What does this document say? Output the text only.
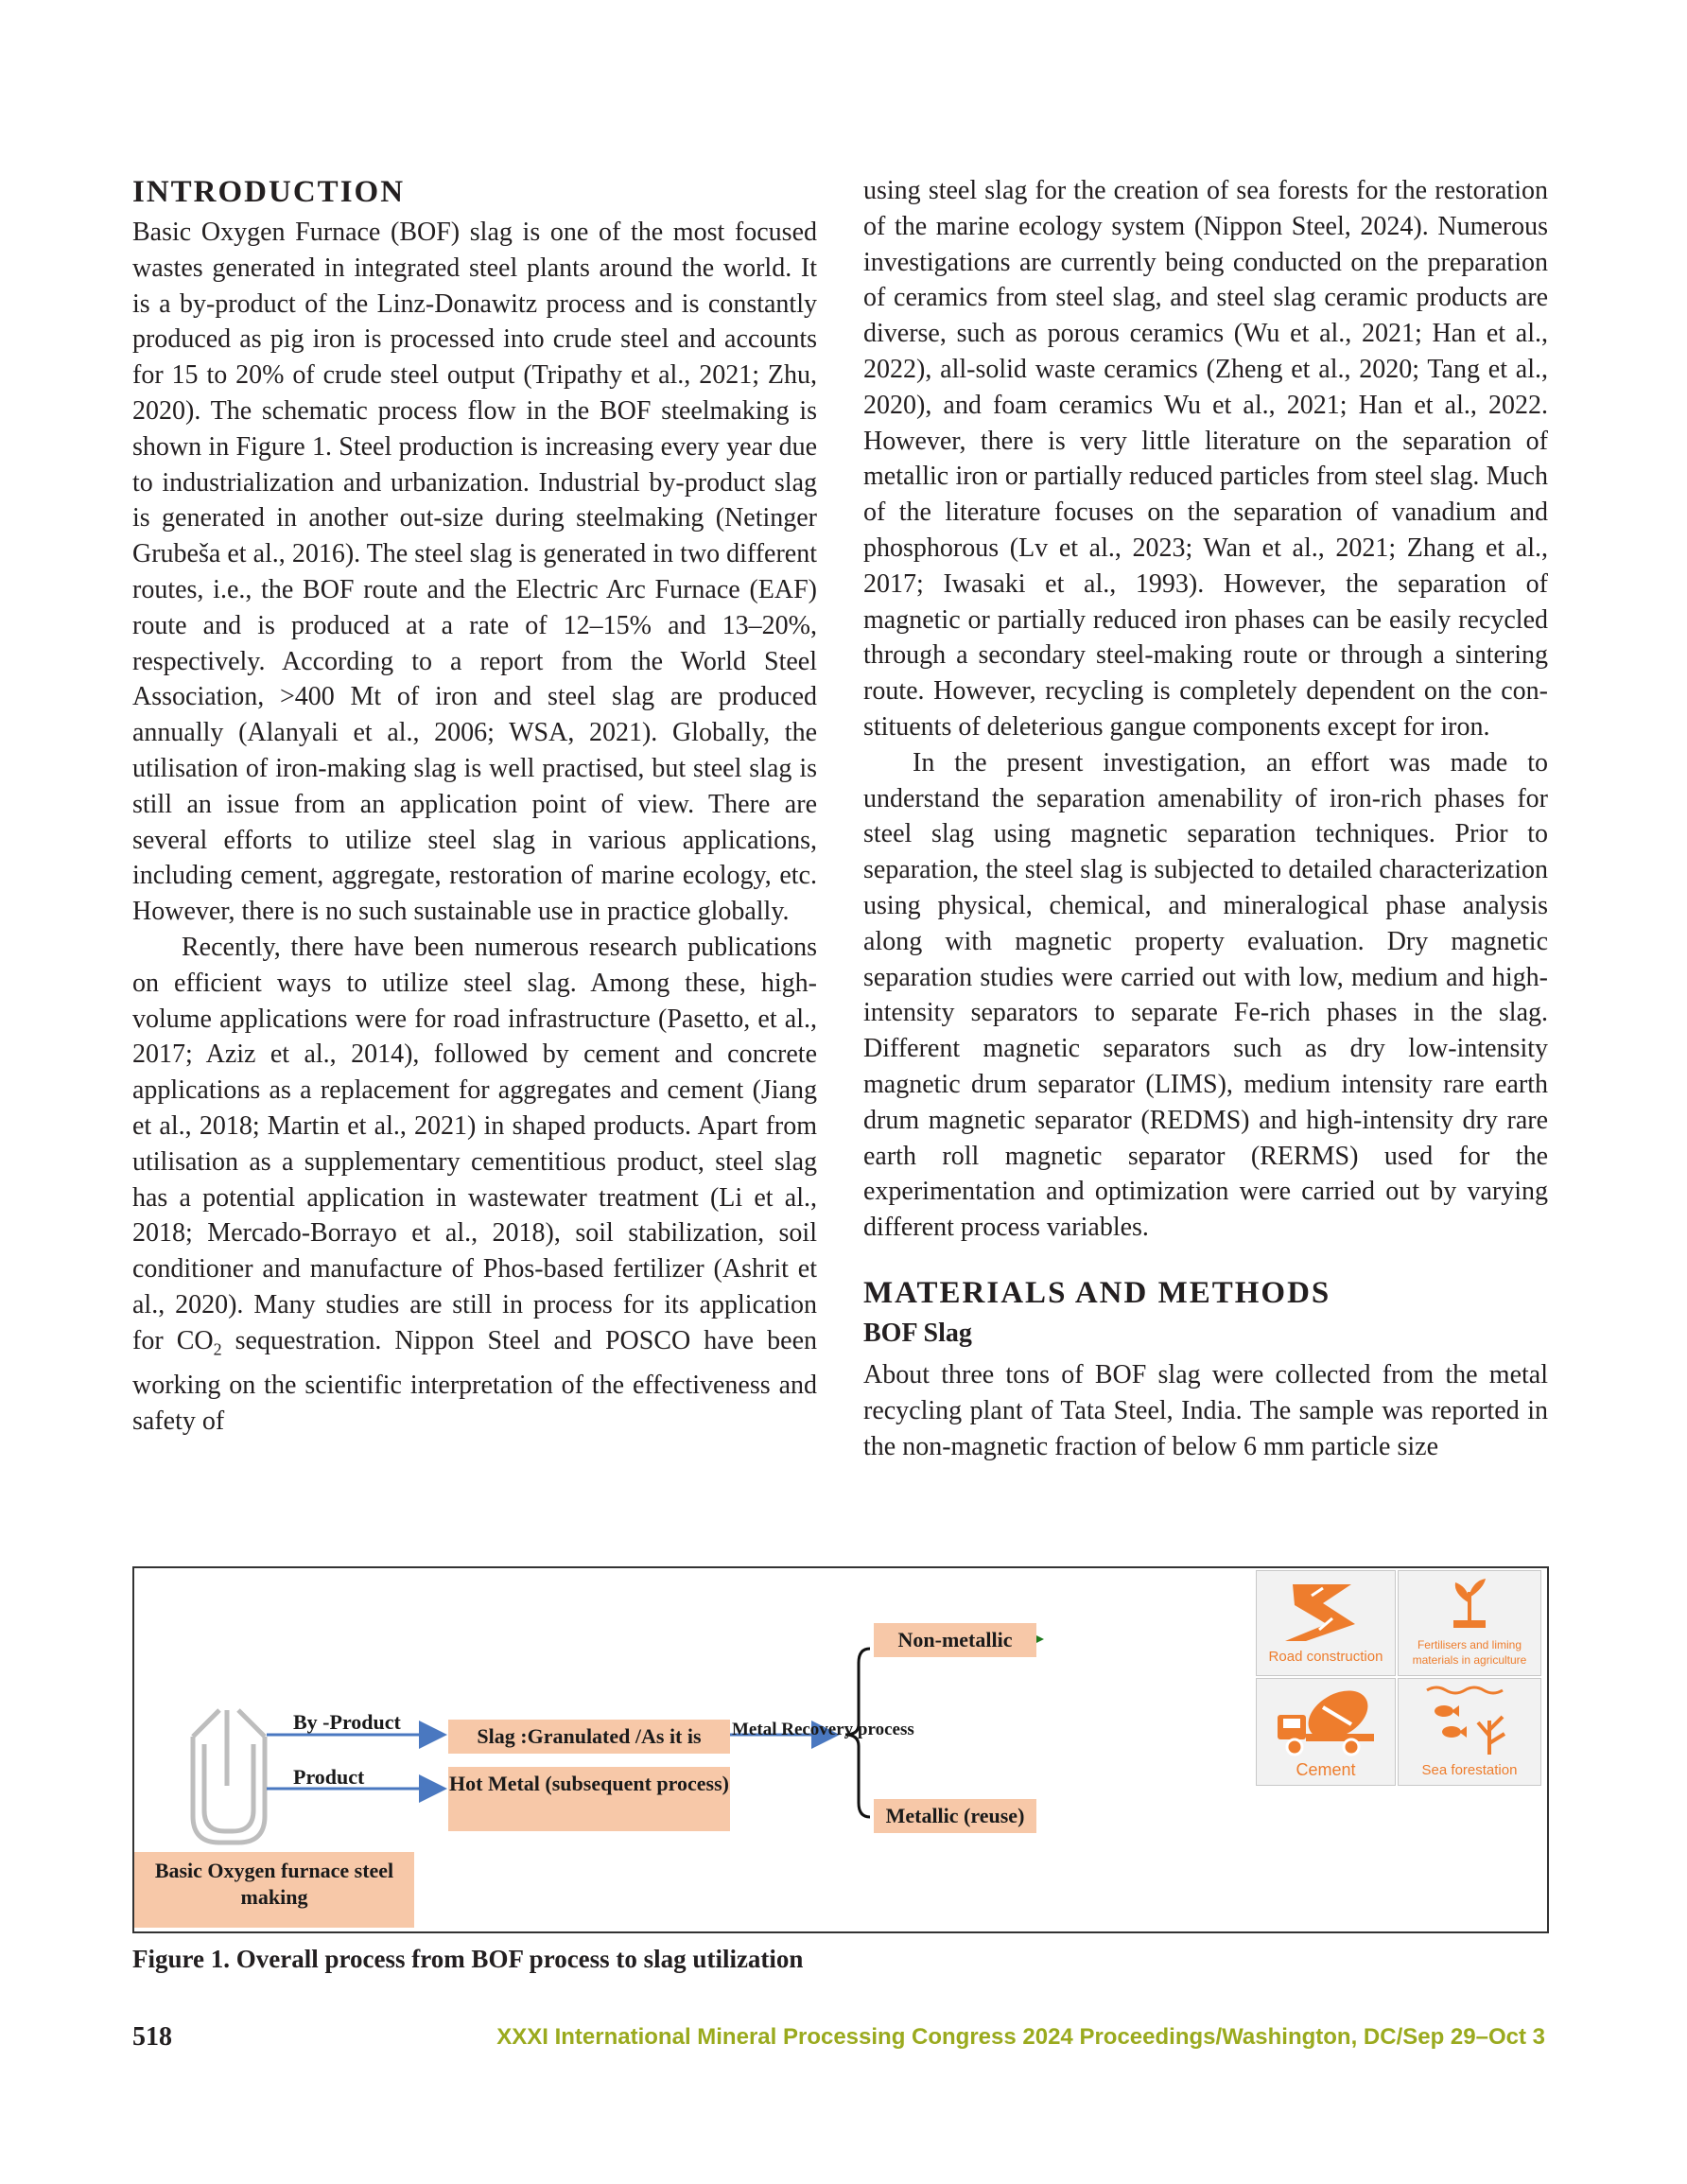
INTRODUCTION

Basic Oxygen Furnace (BOF) slag is one of the most focused wastes generated in integrated steel plants around the world. It is a by-product of the Linz-Donawitz process and is constantly produced as pig iron is processed into crude steel and accounts for 15 to 20% of crude steel output (Tripathy et al., 2021; Zhu, 2020). The schematic process flow in the BOF steelmaking is shown in Figure 1. Steel production is increasing every year due to industrialization and urbanization. Industrial by-product slag is generated in another out-size during steelmaking (Netinger Grubeša et al., 2016). The steel slag is generated in two different routes, i.e., the BOF route and the Electric Arc Furnace (EAF) route and is produced at a rate of 12–15% and 13–20%, respectively. According to a report from the World Steel Association, >400 Mt of iron and steel slag are produced annually (Alanyali et al., 2006; WSA, 2021). Globally, the utilisation of iron-making slag is well practised, but steel slag is still an issue from an application point of view. There are several efforts to utilize steel slag in various applications, including cement, aggregate, restoration of marine ecology, etc. However, there is no such sustainable use in practice globally.

Recently, there have been numerous research publications on efficient ways to utilize steel slag. Among these, high-volume applications were for road infrastructure (Pasetto, et al., 2017; Aziz et al., 2014), followed by cement and concrete applications as a replacement for aggregates and cement (Jiang et al., 2018; Martin et al., 2021) in shaped products. Apart from utilisation as a supplementary cementitious product, steel slag has a potential application in wastewater treatment (Li et al., 2018; Mercado-Borrayo et al., 2018), soil stabilization, soil conditioner and manufacture of Phos-based fertilizer (Ashrit et al., 2020). Many studies are still in process for its application for $CO_2$ sequestration. Nippon Steel and POSCO have been working on the scientific interpretation of the effectiveness and safety of

using steel slag for the creation of sea forests for the restoration of the marine ecology system (Nippon Steel, 2024). Numerous investigations are currently being conducted on the preparation of ceramics from steel slag, and steel slag ceramic products are diverse, such as porous ceramics (Wu et al., 2021; Han et al., 2022), all-solid waste ceramics (Zheng et al., 2020; Tang et al., 2020), and foam ceramics Wu et al., 2021; Han et al., 2022. However, there is very little literature on the separation of metallic iron or partially reduced particles from steel slag. Much of the literature focuses on the separation of vanadium and phosphorous (Lv et al., 2023; Wan et al., 2021; Zhang et al., 2017; Iwasaki et al., 1993). However, the separation of magnetic or partially reduced iron phases can be easily recycled through a secondary steel-making route or through a sintering route. However, recycling is completely dependent on the constituents of deleterious gangue components except for iron.

In the present investigation, an effort was made to understand the separation amenability of iron-rich phases for steel slag using magnetic separation techniques. Prior to separation, the steel slag is subjected to detailed characterization using physical, chemical, and mineralogical phase analysis along with magnetic property evaluation. Dry magnetic separation studies were carried out with low, medium and high-intensity separators to separate Fe-rich phases in the slag. Different magnetic separators such as dry low-intensity magnetic drum separator (LIMS), medium intensity rare earth drum magnetic separator (REDMS) and high-intensity dry rare earth roll magnetic separator (RERMS) used for the experimentation and optimization were carried out by varying different process variables.

MATERIALS AND METHODS
BOF Slag

About three tons of BOF slag were collected from the metal recycling plant of Tata Steel, India. The sample was reported in the non-magnetic fraction of below 6 mm particle size

Basic Oxygen furnace steel making
By -Product
Product
Slag :Granulated /As it is
Hot Metal (subsequent process)
Metal Recovery process
Non-metallic
Metallic (reuse)
Road construction
Fertilisers and liming materials in agriculture
Cement	Sea forestation
Figure 1. Overall process from BOF process to slag utilization
518	XXXI International Mineral Processing Congress 2024 Proceedings/Washington, DC/Sep 29–Oct 3
